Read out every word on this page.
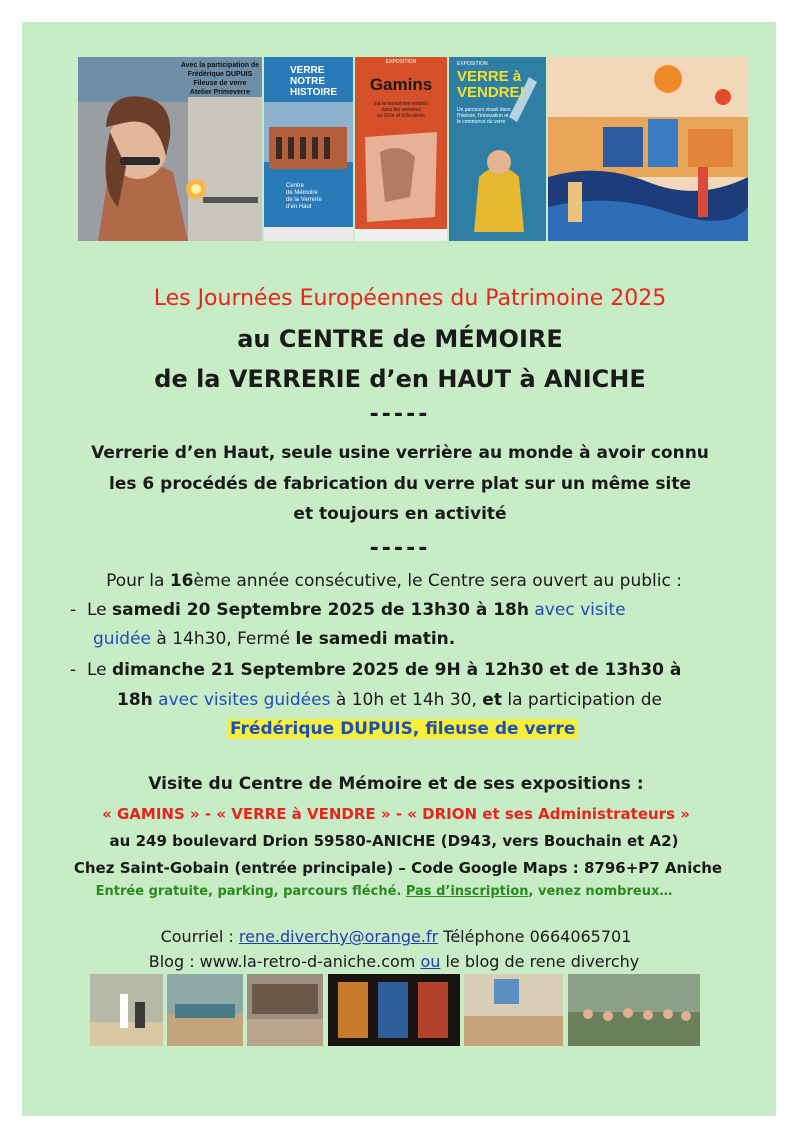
Avec la participation de
Frédérique DUPUIS
Fileuse de verre
Atelier Primeverre
VERRE
NOTRE
HISTOIRE
Centre
de Mémoire
de la Verrerie
d'en Haut
EXPOSITION
Gamins
sur le travail des enfants
dans les verreries
au XIXe et XXe siècle
EXPOSITION
VERRE à
VENDRE!
Un parcours visuel dans
l'histoire, l'innovation et
le commerce du verre
Les Journées Européennes du Patrimoine 2025
au CENTRE de MÉMOIRE
de la VERRERIE d’en HAUT à ANICHE
-----
Verrerie d’en Haut, seule usine verrière au monde à avoir connu
les 6 procédés de fabrication du verre plat sur un même site
et toujours en activité
-----
Pour la 16ème année consécutive, le Centre sera ouvert au public :
- Le samedi 20 Septembre 2025 de 13h30 à 18h avec visite
guidée à 14h30, Fermé le samedi matin.
- Le dimanche 21 Septembre 2025 de 9H à 12h30 et de 13h30 à
18h avec visites guidées à 10h et 14h 30, et la participation de
Frédérique DUPUIS, fileuse de verre
Visite du Centre de Mémoire et de ses expositions :
« GAMINS » - « VERRE à VENDRE » - « DRION et ses Administrateurs »
au 249 boulevard Drion 59580-ANICHE (D943, vers Bouchain et A2)
Chez Saint-Gobain (entrée principale) – Code Google Maps : 8796+P7 Aniche
Entrée gratuite, parking, parcours fléché. Pas d’inscription, venez nombreux…
Courriel : rene.diverchy@orange.fr Téléphone 0664065701
Blog : www.la-retro-d-aniche.com ou le blog de rene diverchy
